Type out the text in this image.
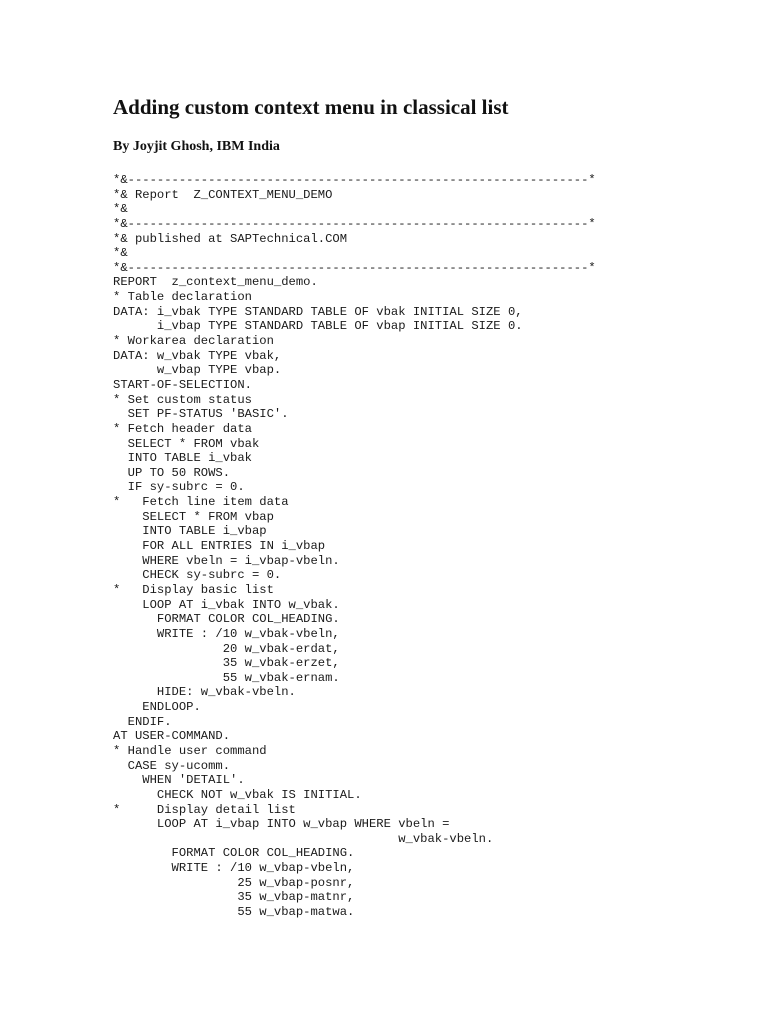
Adding custom context menu in classical list

By Joyjit Ghosh, IBM India

*&---------------------------------------------------------------*
*& Report  Z_CONTEXT_MENU_DEMO
*&
*&---------------------------------------------------------------*
*& published at SAPTechnical.COM
*&
*&---------------------------------------------------------------*
REPORT  z_context_menu_demo.
* Table declaration
DATA: i_vbak TYPE STANDARD TABLE OF vbak INITIAL SIZE 0,
i_vbap TYPE STANDARD TABLE OF vbap INITIAL SIZE 0.
* Workarea declaration
DATA: w_vbak TYPE vbak,
w_vbap TYPE vbap.
START-OF-SELECTION.
* Set custom status
SET PF-STATUS 'BASIC'.
* Fetch header data
SELECT * FROM vbak
INTO TABLE i_vbak
UP TO 50 ROWS.
IF sy-subrc = 0.
*   Fetch line item data
SELECT * FROM vbap
INTO TABLE i_vbap
FOR ALL ENTRIES IN i_vbap
WHERE vbeln = i_vbap-vbeln.
CHECK sy-subrc = 0.
*   Display basic list
LOOP AT i_vbak INTO w_vbak.
FORMAT COLOR COL_HEADING.
WRITE : /10 w_vbak-vbeln,
20 w_vbak-erdat,
35 w_vbak-erzet,
55 w_vbak-ernam.
HIDE: w_vbak-vbeln.
ENDLOOP.
ENDIF.
AT USER-COMMAND.
* Handle user command
CASE sy-ucomm.
WHEN 'DETAIL'.
CHECK NOT w_vbak IS INITIAL.
*     Display detail list
LOOP AT i_vbap INTO w_vbap WHERE vbeln =
w_vbak-vbeln.
FORMAT COLOR COL_HEADING.
WRITE : /10 w_vbap-vbeln,
25 w_vbap-posnr,
35 w_vbap-matnr,
55 w_vbap-matwa.
